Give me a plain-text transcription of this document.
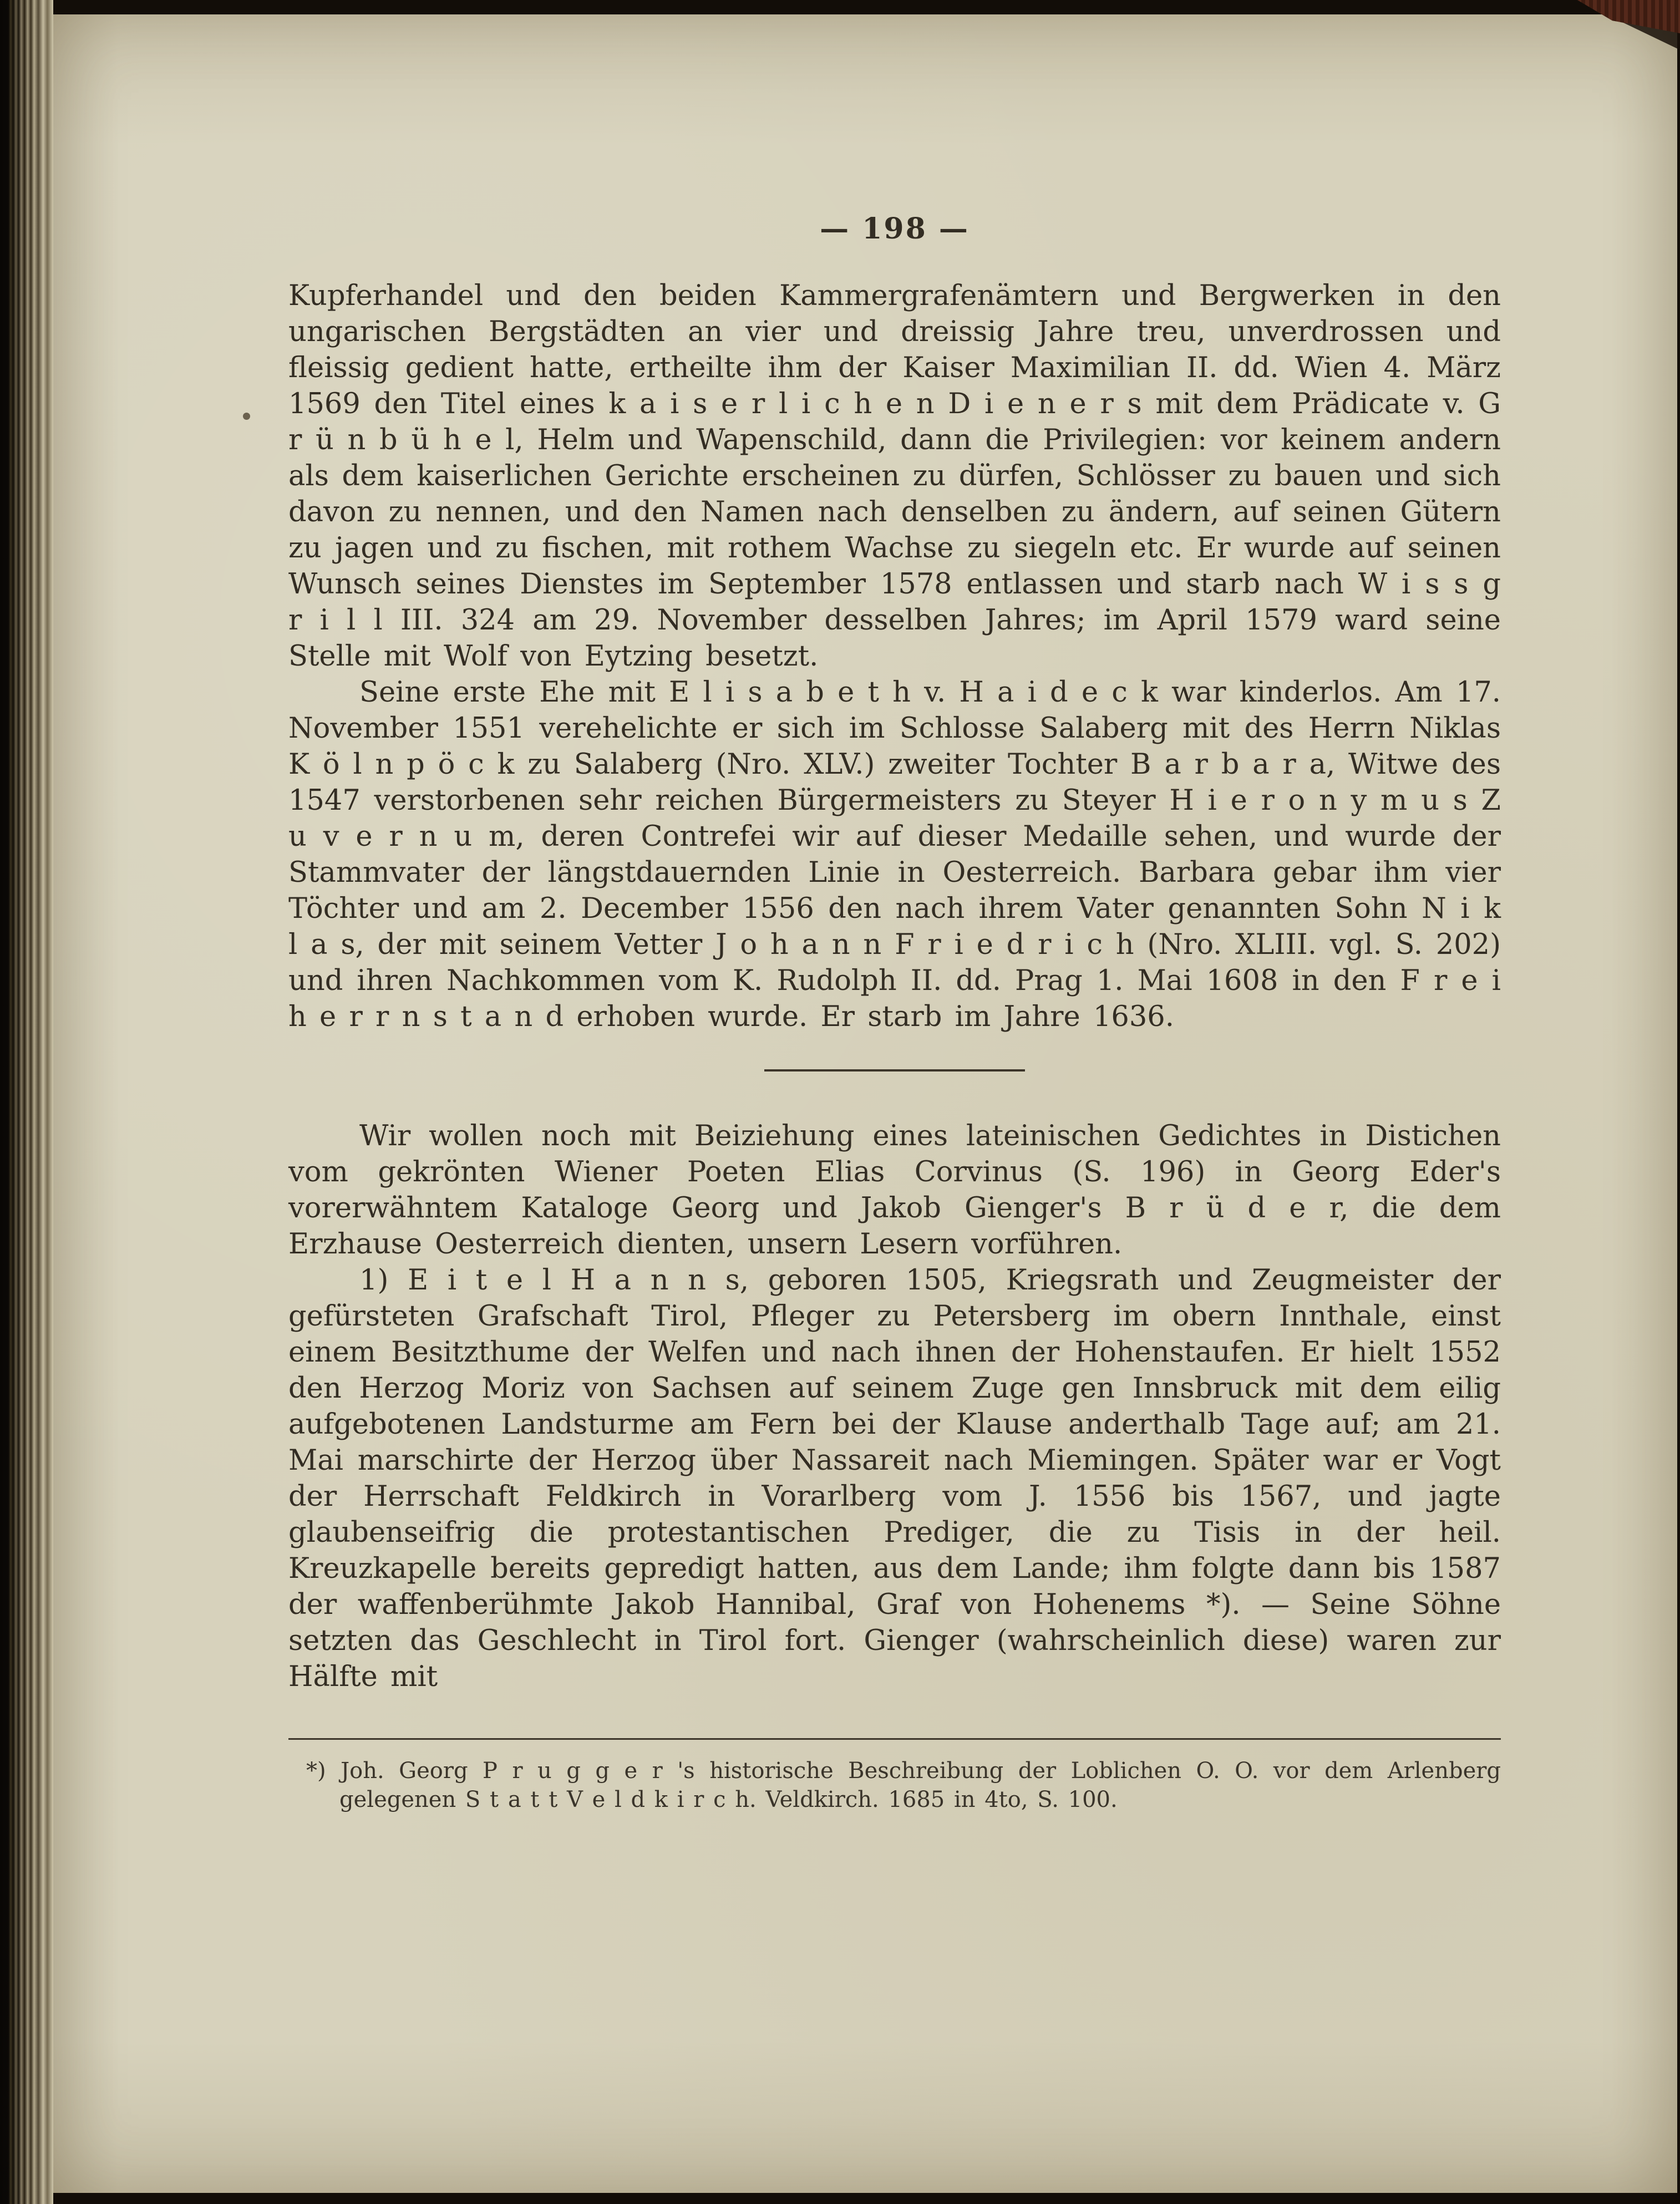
— 198 —

Kupferhandel und den beiden Kammergrafenämtern und Bergwerken in den ungarischen Bergstädten an vier und dreissig Jahre treu, unverdrossen und fleissig gedient hatte, ertheilte ihm der Kaiser Maximilian II. dd. Wien 4. März 1569 den Titel eines k a i s e r l i c h e n D i e n e r s mit dem Prädicate v. G r ü n b ü h e l, Helm und Wapenschild, dann die Privilegien: vor keinem andern als dem kaiserlichen Gerichte erscheinen zu dürfen, Schlösser zu bauen und sich davon zu nennen, und den Namen nach denselben zu ändern, auf seinen Gütern zu jagen und zu fischen, mit rothem Wachse zu siegeln etc. Er wurde auf seinen Wunsch seines Dienstes im September 1578 entlassen und starb nach W i s s g r i l l III. 324 am 29. November desselben Jahres; im April 1579 ward seine Stelle mit Wolf von Eytzing besetzt.

Seine erste Ehe mit E l i s a b e t h v. H a i d e c k war kinderlos. Am 17. November 1551 verehelichte er sich im Schlosse Salaberg mit des Herrn Niklas K ö l n p ö c k zu Salaberg (Nro. XLV.) zweiter Tochter B a r b a r a, Witwe des 1547 verstorbenen sehr reichen Bürgermeisters zu Steyer H i e r o n y m u s Z u v e r n u m, deren Contrefei wir auf dieser Medaille sehen, und wurde der Stammvater der längstdauernden Linie in Oesterreich. Barbara gebar ihm vier Töchter und am 2. December 1556 den nach ihrem Vater genannten Sohn N i k l a s, der mit seinem Vetter J o h a n n F r i e d r i c h (Nro. XLIII. vgl. S. 202) und ihren Nachkommen vom K. Rudolph II. dd. Prag 1. Mai 1608 in den F r e i h e r r n s t a n d erhoben wurde. Er starb im Jahre 1636.

Wir wollen noch mit Beiziehung eines lateinischen Gedichtes in Distichen vom gekrönten Wiener Poeten Elias Corvinus (S. 196) in Georg Eder's vorerwähntem Kataloge Georg und Jakob Gienger's B r ü d e r, die dem Erzhause Oesterreich dienten, unsern Lesern vorführen.

1) E i t e l H a n n s, geboren 1505, Kriegsrath und Zeugmeister der gefürsteten Grafschaft Tirol, Pfleger zu Petersberg im obern Innthale, einst einem Besitzthume der Welfen und nach ihnen der Hohenstaufen. Er hielt 1552 den Herzog Moriz von Sachsen auf seinem Zuge gen Innsbruck mit dem eilig aufgebotenen Landsturme am Fern bei der Klause anderthalb Tage auf; am 21. Mai marschirte der Herzog über Nassareit nach Miemingen. Später war er Vogt der Herrschaft Feldkirch in Vorarlberg vom J. 1556 bis 1567, und jagte glaubenseifrig die protestantischen Prediger, die zu Tisis in der heil. Kreuzkapelle bereits gepredigt hatten, aus dem Lande; ihm folgte dann bis 1587 der waffenberühmte Jakob Hannibal, Graf von Hohenems *). — Seine Söhne setzten das Geschlecht in Tirol fort. Gienger (wahrscheinlich diese) waren zur Hälfte mit

*) Joh. Georg P r u g g e r 's historische Beschreibung der Loblichen O. O. vor dem Arlenberg gelegenen S t a t t V e l d k i r c h. Veldkirch. 1685 in 4to, S. 100.
